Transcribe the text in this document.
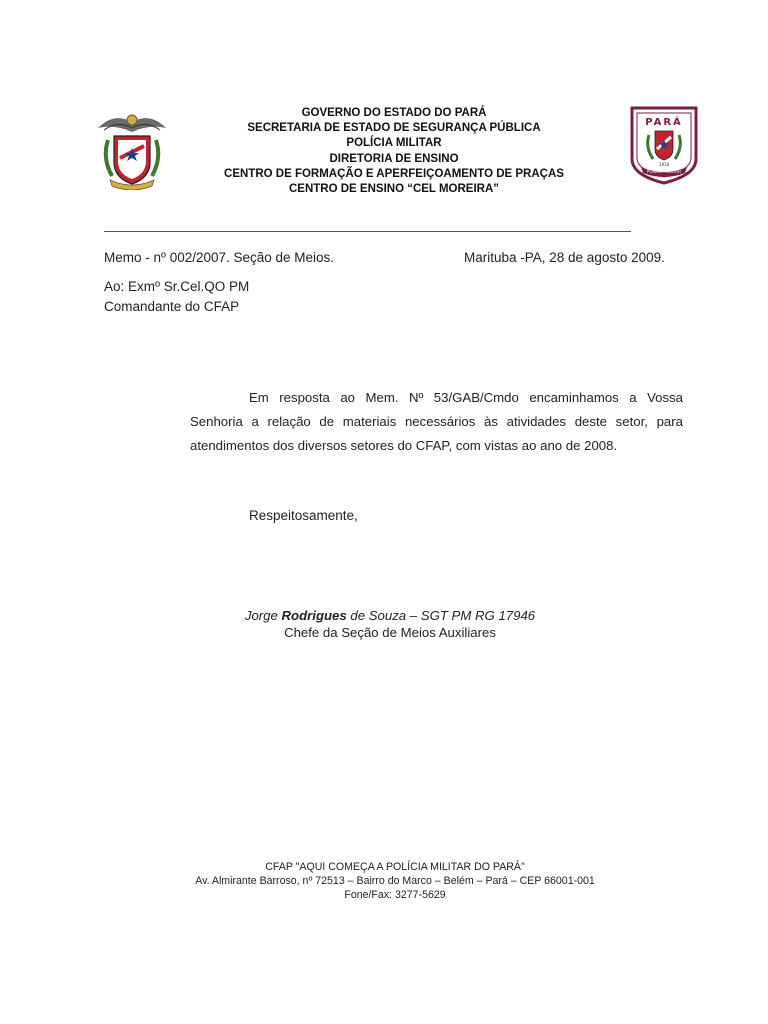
GOVERNO DO ESTADO DO PARÁ
SECRETARIA DE ESTADO DE SEGURANÇA PÚBLICA
POLÍCIA MILITAR
DIRETORIA DE ENSINO
CENTRO DE FORMAÇÃO E APERFEIÇOAMENTO DE PRAÇAS
CENTRO DE ENSINO “CEL MOREIRA”
PARÁ
1818
POLÍCIA MILITAR
Memo - nº 002/2007. Seção de Meios.	Marituba -PA, 28 de agosto 2009.
Ao: Exmº Sr.Cel.QO PM
Comandante do CFAP

Em resposta ao Mem. Nº 53/GAB/Cmdo encaminhamos a Vossa Senhoria a relação de materiais necessários às atividades deste setor, para atendimentos dos diversos setores do CFAP, com vistas ao ano de 2008.

Respeitosamente,
Jorge Rodrigues de Souza – SGT PM RG 17946
Chefe da Seção de Meios Auxiliares
CFAP "AQUI COMEÇA A POLÍCIA MILITAR DO PARÁ"
Av. Almirante Barroso, nº 72513 – Bairro do Marco – Belém – Pará – CEP 66001-001
Fone/Fax: 3277-5629
